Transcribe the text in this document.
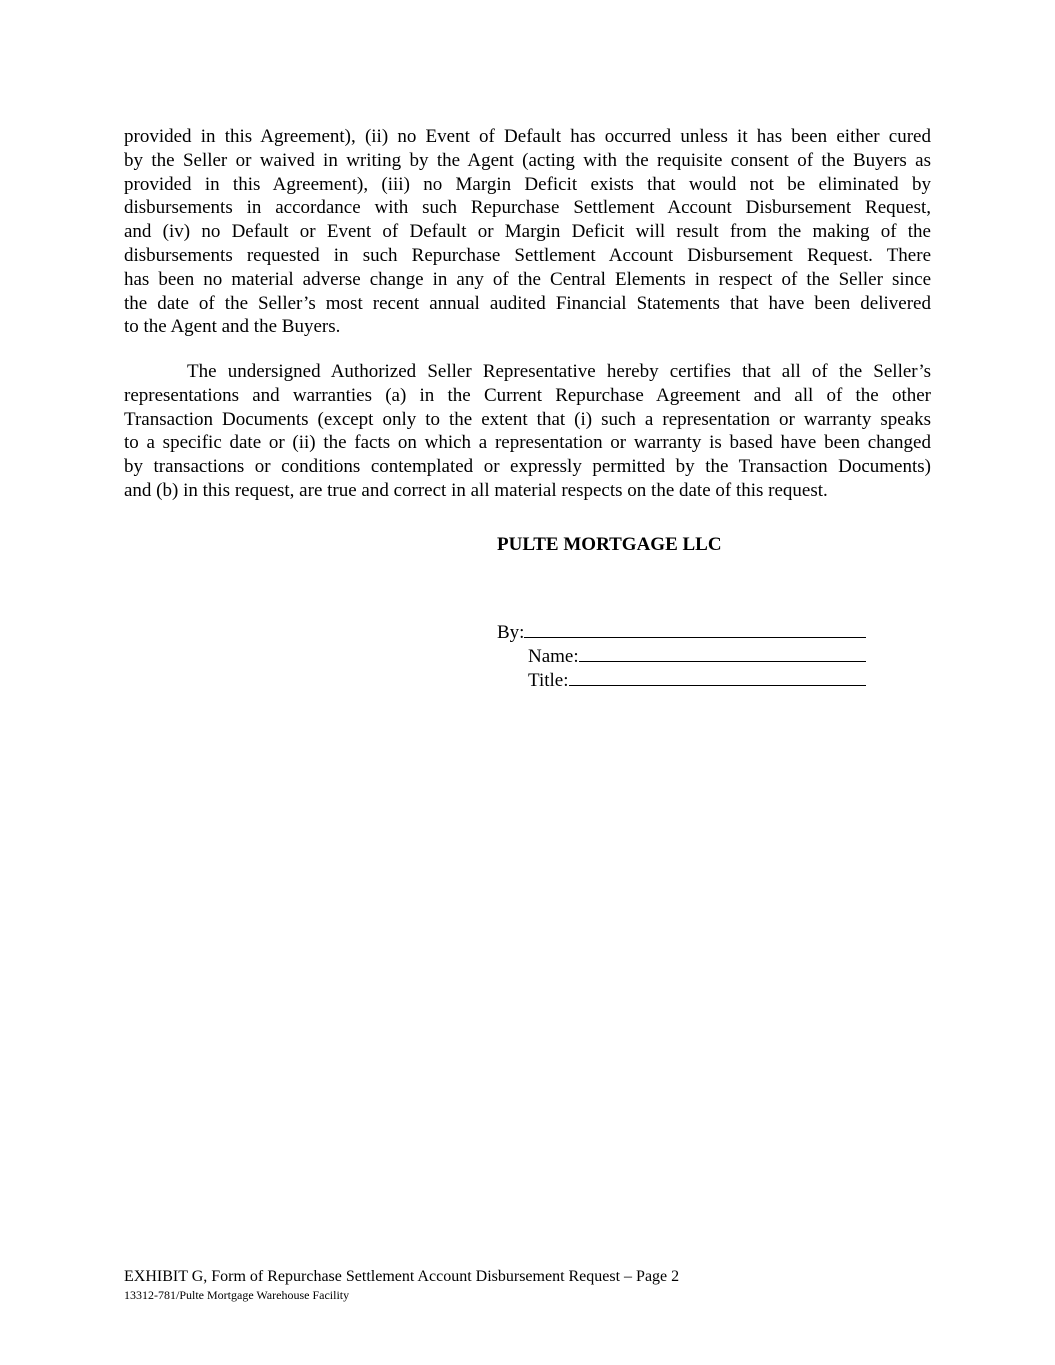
provided in this Agreement), (ii) no Event of Default has occurred unless it has been either cured
by the Seller or waived in writing by the Agent (acting with the requisite consent of the Buyers as
provided in this Agreement), (iii) no Margin Deficit exists that would not be eliminated by
disbursements in accordance with such Repurchase Settlement Account Disbursement Request,
and (iv) no Default or Event of Default or Margin Deficit will result from the making of the
disbursements requested in such Repurchase Settlement Account Disbursement Request. There
has been no material adverse change in any of the Central Elements in respect of the Seller since
the date of the Seller’s most recent annual audited Financial Statements that have been delivered
to the Agent and the Buyers.
The undersigned Authorized Seller Representative hereby certifies that all of the Seller’s
representations and warranties (a) in the Current Repurchase Agreement and all of the other
Transaction Documents (except only to the extent that (i) such a representation or warranty speaks
to a specific date or (ii) the facts on which a representation or warranty is based have been changed
by transactions or conditions contemplated or expressly permitted by the Transaction Documents)
and (b) in this request, are true and correct in all material respects on the date of this request.
PULTE MORTGAGE LLC
By:
Name:
Title:
EXHIBIT G, Form of Repurchase Settlement Account Disbursement Request – Page 2
13312-781/Pulte Mortgage Warehouse Facility
